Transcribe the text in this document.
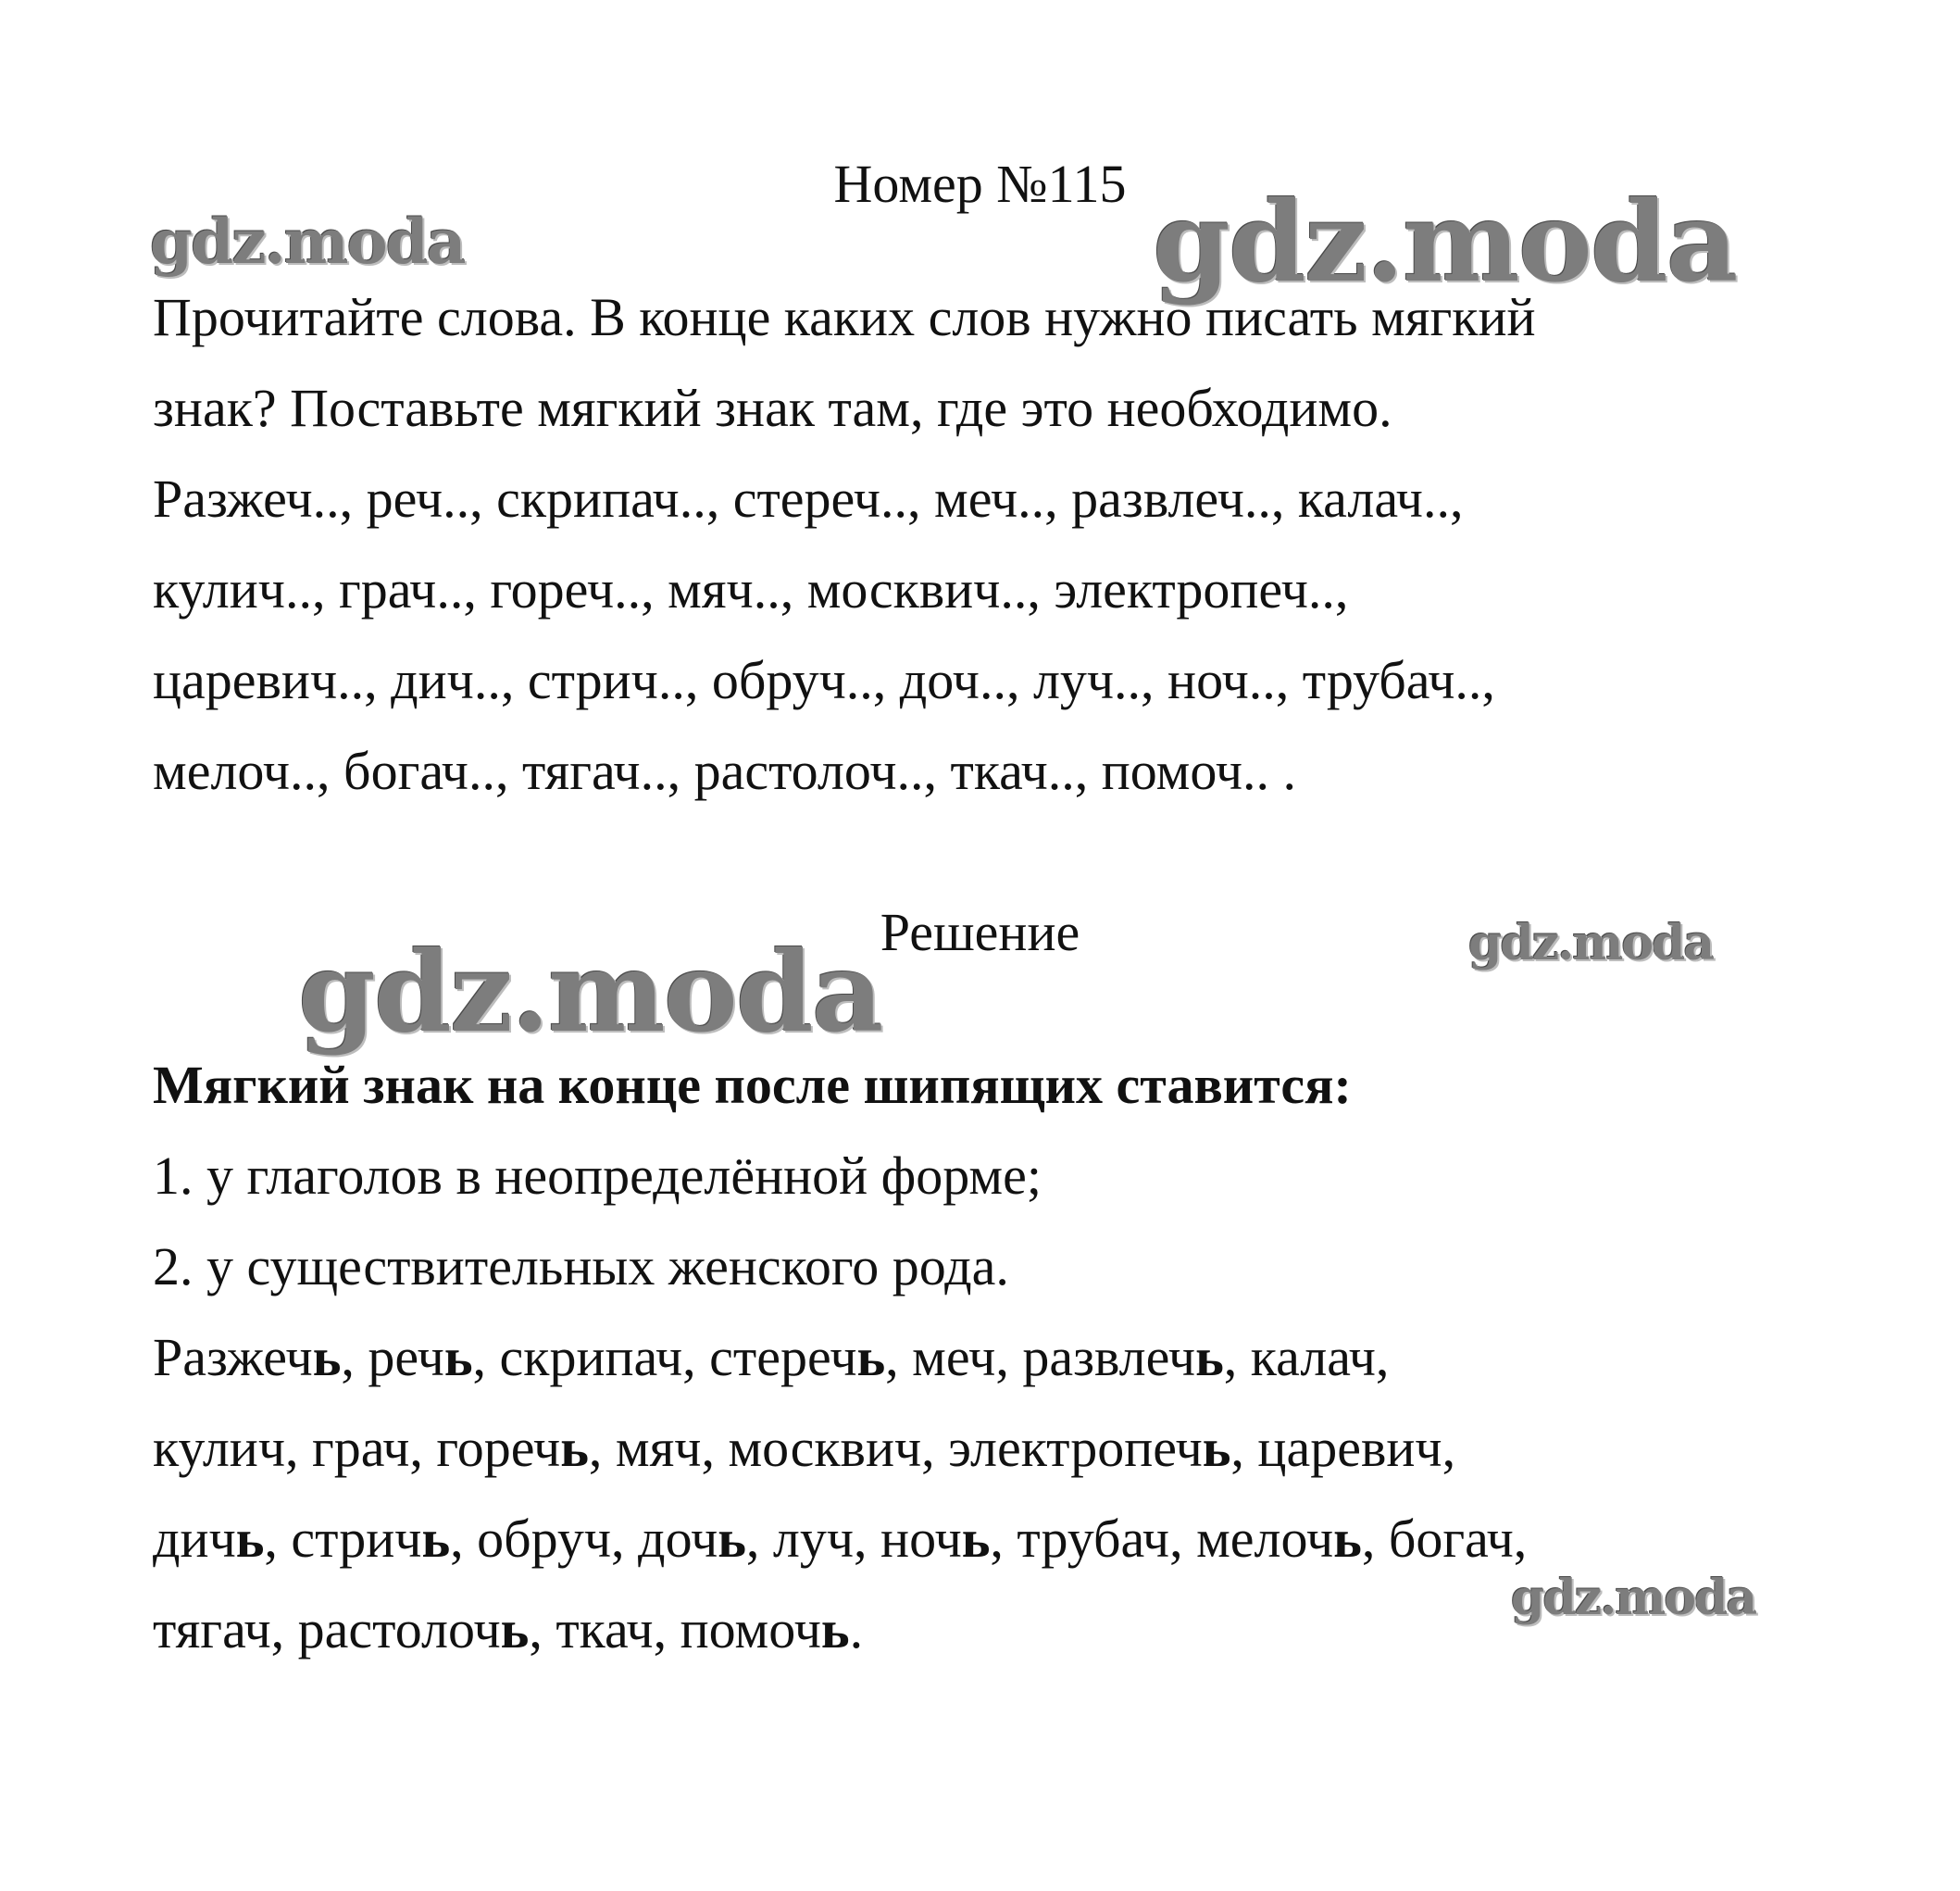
gdz.moda	gdz.moda
gdz.moda
gdz.moda
gdz.moda
Номер №115
Прочитайте слова. В конце каких слов нужно писать мягкий
знак? Поставьте мягкий знак там, где это необходимо.
Разжеч.., реч.., скрипач.., стереч.., меч.., развлеч.., калач..,
кулич.., грач.., гореч.., мяч.., москвич.., электропеч..,
царевич.., дич.., стрич.., обруч.., доч.., луч.., ноч.., трубач..,
мелоч.., богач.., тягач.., растолоч.., ткач.., помоч.. .
Решение
Мягкий знак на конце после шипящих ставится:
1. у глаголов в неопределённой форме;
2. у существительных женского рода.
Разжечь, речь, скрипач, стеречь, меч, развлечь, калач,
кулич, грач, горечь, мяч, москвич, электропечь, царевич,
дичь, стричь, обруч, дочь, луч, ночь, трубач, мелочь, богач,
тягач, растолочь, ткач, помочь.
